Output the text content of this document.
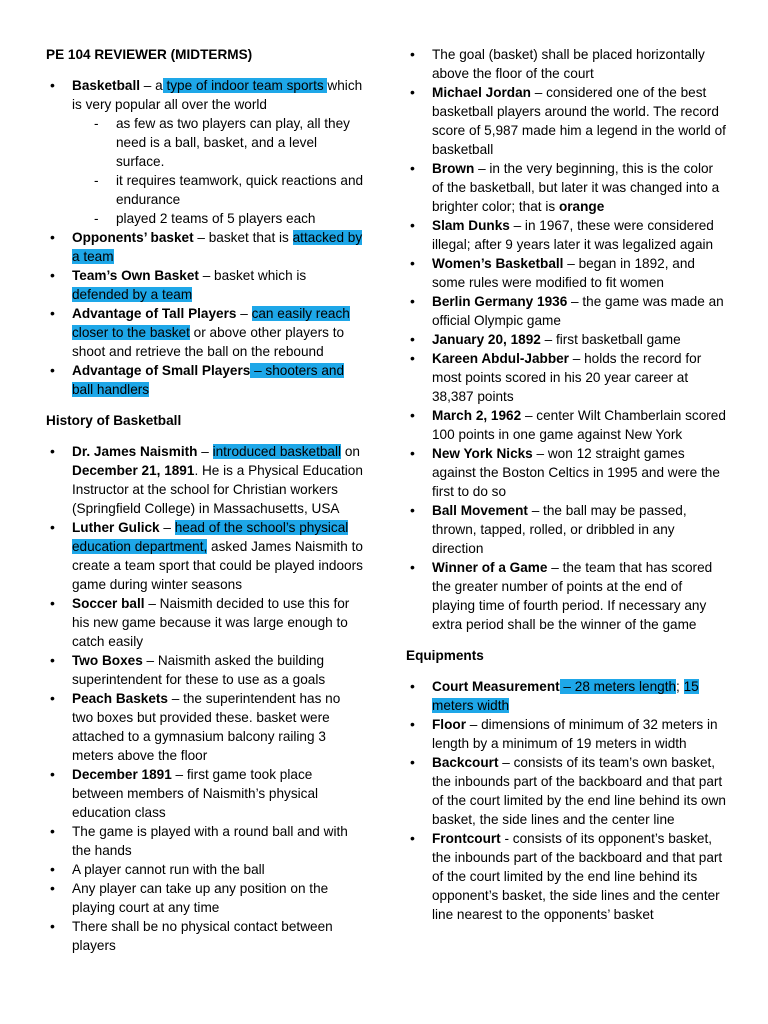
PE 104 REVIEWER (MIDTERMS)

• Basketball – a type of indoor team sports which is very popular all over the world
- as few as two players can play, all they need is a ball, basket, and a level surface.
- it requires teamwork, quick reactions and endurance
- played 2 teams of 5 players each
• Opponents’ basket – basket that is attacked by a team
• Team’s Own Basket – basket which is defended by a team
• Advantage of Tall Players – can easily reach closer to the basket or above other players to shoot and retrieve the ball on the rebound
• Advantage of Small Players – shooters and ball handlers

History of Basketball

• Dr. James Naismith – introduced basketball on December 21, 1891. He is a Physical Education Instructor at the school for Christian workers (Springfield College) in Massachusetts, USA
• Luther Gulick – head of the school’s physical education department, asked James Naismith to create a team sport that could be played indoors game during winter seasons
• Soccer ball – Naismith decided to use this for his new game because it was large enough to catch easily
• Two Boxes – Naismith asked the building superintendent for these to use as a goals
• Peach Baskets – the superintendent has no two boxes but provided these. basket were attached to a gymnasium balcony railing 3 meters above the floor
• December 1891 – first game took place between members of Naismith’s physical education class
• The game is played with a round ball and with the hands
• A player cannot run with the ball
• Any player can take up any position on the playing court at any time
• There shall be no physical contact between players
• The goal (basket) shall be placed horizontally above the floor of the court
• Michael Jordan – considered one of the best basketball players around the world. The record score of 5,987 made him a legend in the world of basketball
• Brown – in the very beginning, this is the color of the basketball, but later it was changed into a brighter color; that is orange
• Slam Dunks – in 1967, these were considered illegal; after 9 years later it was legalized again
• Women’s Basketball – began in 1892, and some rules were modified to fit women
• Berlin Germany 1936 – the game was made an official Olympic game
• January 20, 1892 – first basketball game
• Kareen Abdul-Jabber – holds the record for most points scored in his 20 year career at 38,387 points
• March 2, 1962 – center Wilt Chamberlain scored 100 points in one game against New York
• New York Nicks – won 12 straight games against the Boston Celtics in 1995 and were the first to do so
• Ball Movement – the ball may be passed, thrown, tapped, rolled, or dribbled in any direction
• Winner of a Game – the team that has scored the greater number of points at the end of playing time of fourth period. If necessary any extra period shall be the winner of the game

Equipments

• Court Measurement – 28 meters length; 15 meters width
• Floor – dimensions of minimum of 32 meters in length by a minimum of 19 meters in width
• Backcourt – consists of its team’s own basket, the inbounds part of the backboard and that part of the court limited by the end line behind its own basket, the side lines and the center line
• Frontcourt - consists of its opponent’s basket, the inbounds part of the backboard and that part of the court limited by the end line behind its opponent’s basket, the side lines and the center line nearest to the opponents’ basket
